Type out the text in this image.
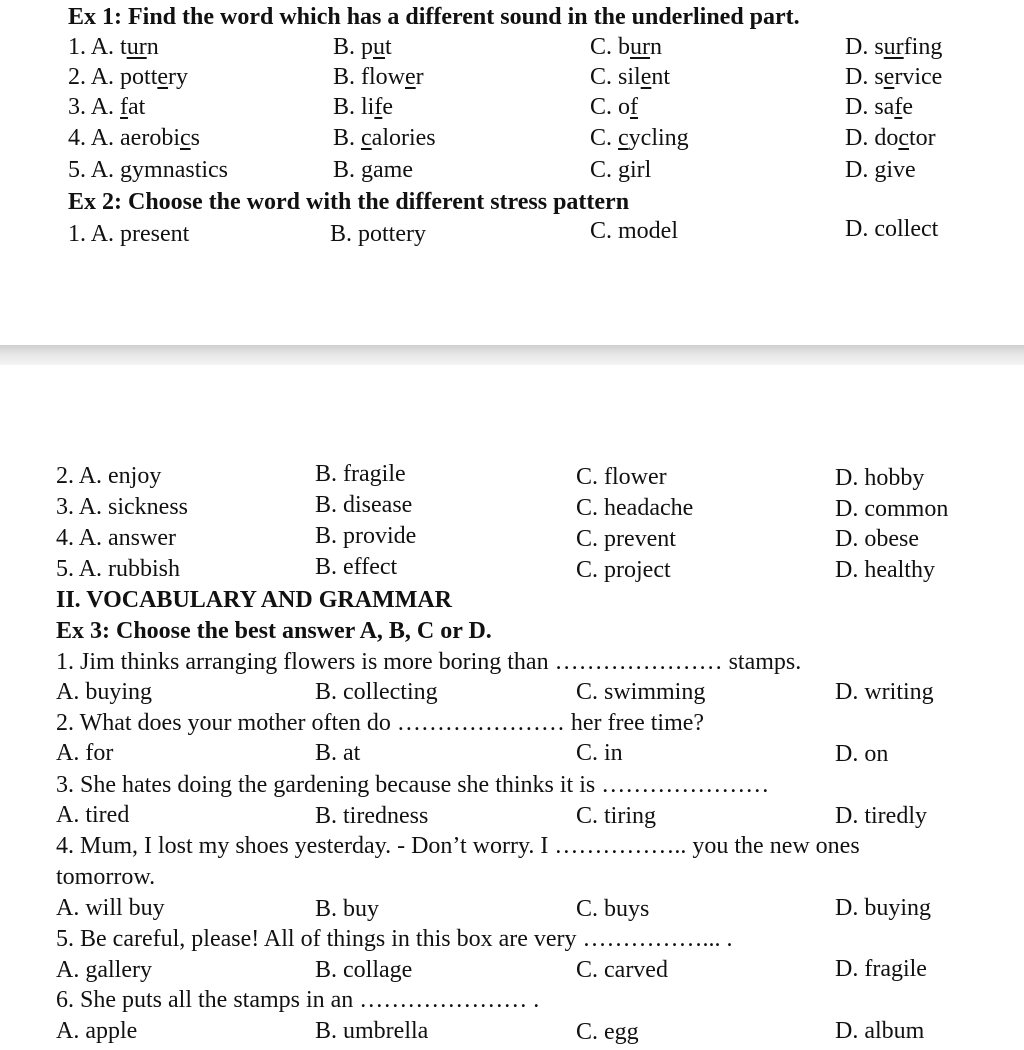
Ex 1: Find the word which has a different sound in the underlined part.
1. A. turn	B. put	C. burn	D. surfing
2. A. pottery	B. flower	C. silent	D. service
3. A. fat	B. life	C. of	D. safe
4. A. aerobics	B. calories	C. cycling	D. doctor
5. A. gymnastics	B. game	C. girl	D. give
Ex 2: Choose the word with the different stress pattern
1. A. present	B. pottery	C. model	D. collect
2. A. enjoy	B. fragile	C. flower	D. hobby
3. A. sickness	B. disease	C. headache	D. common
4. A. answer	B. provide	C. prevent	D. obese
5. A. rubbish	B. effect	C. project	D. healthy
II. VOCABULARY AND GRAMMAR
Ex 3: Choose the best answer A, B, C or D.
1. Jim thinks arranging flowers is more boring than ………………… stamps.
A. buying	B. collecting	C. swimming	D. writing
2. What does your mother often do ………………… her free time?
A. for	B. at	C. in	D. on
3. She hates doing the gardening because she thinks it is …………………
A. tired	B. tiredness	C. tiring	D. tiredly
4. Mum, I lost my shoes yesterday. - Don’t worry. I …………….. you the new ones
tomorrow.
A. will buy	B. buy	C. buys	D. buying
5. Be careful, please! All of things in this box are very ……………... .
A. gallery	B. collage	C. carved	D. fragile
6. She puts all the stamps in an ………………… .
A. apple	B. umbrella	C. egg	D. album
